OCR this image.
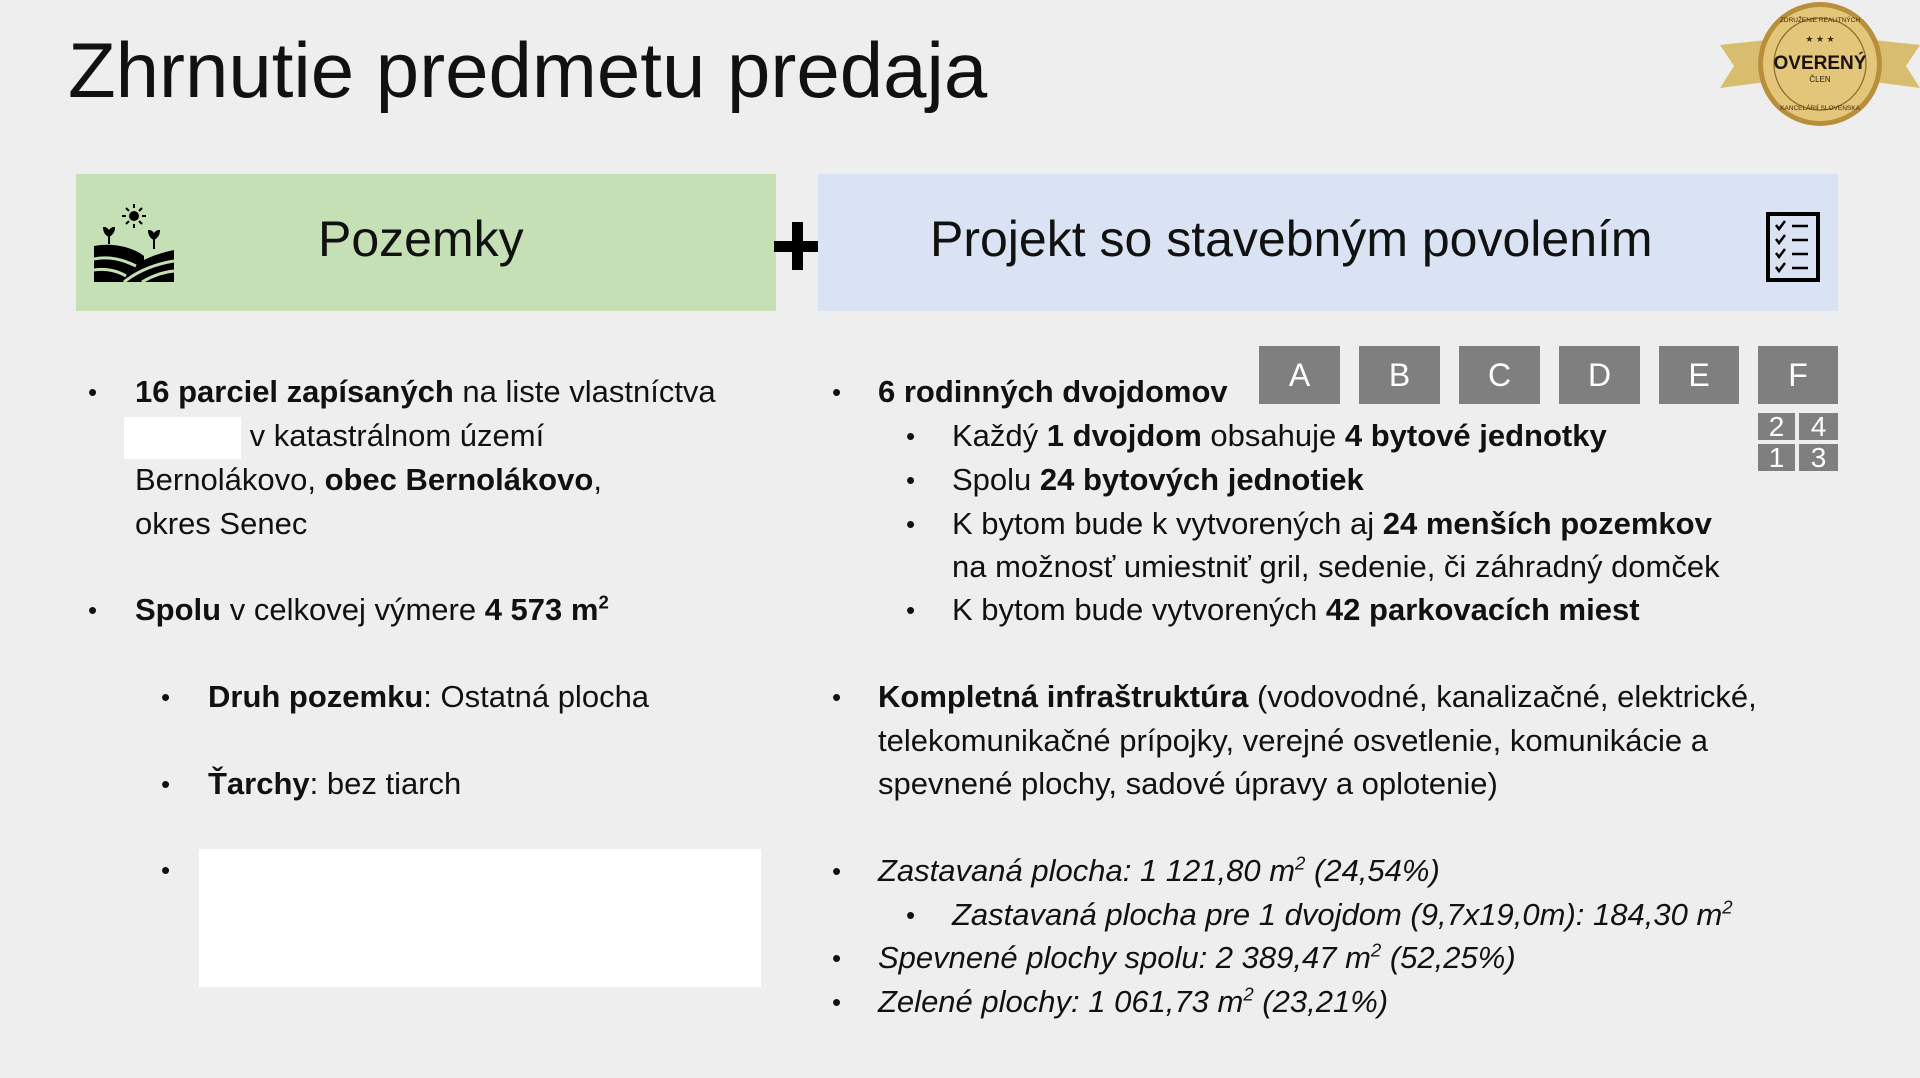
Zhrnutie predmetu predaja	★ ★ ★
OVERENÝ
ČLEN
ZDRUŽENIE REALITNÝCH
KANCELÁRIÍ SLOVENSKA
Pozemky	Projekt so stavebným povolením
• 16 parciel zapísaných na liste vlastníctva
v katastrálnom území
Bernolákovo, obec Bernolákovo,
okres Senec
• Spolu v celkovej výmere 4 573 $m^2$
• Druh pozemku: Ostatná plocha
• Ťarchy: bez tiarch
•
A	B	C	D	E	F
2 4
1 3
• 6 rodinných dvojdomov
• Každý 1 dvojdom obsahuje 4 bytové jednotky
• Spolu 24 bytových jednotiek
• K bytom bude k vytvorených aj 24 menších pozemkov
na možnosť umiestniť gril, sedenie, či záhradný domček
• K bytom bude vytvorených 42 parkovacích miest
• Kompletná infraštruktúra (vodovodné, kanalizačné, elektrické,
telekomunikačné prípojky, verejné osvetlenie, komunikácie a
spevnené plochy, sadové úpravy a oplotenie)
• Zastavaná plocha: 1 121,80 $m^2$ (24,54%)
• Zastavaná plocha pre 1 dvojdom (9,7x19,0m): 184,30 $m^2$
• Spevnené plochy spolu: 2 389,47 $m^2$ (52,25%)
• Zelené plochy: 1 061,73 $m^2$ (23,21%)
